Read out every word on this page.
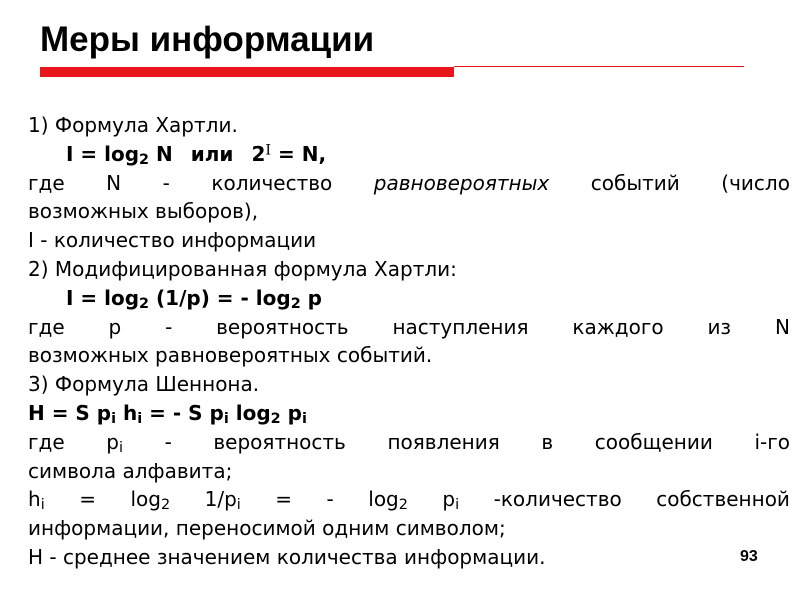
Меры информации
1) Формула Хартли.
$I = \log_2 N$ или $2^I = N$,
где N - количество равновероятных событий (число
возможных выборов),
I - количество информации
2) Модифицированная формула Хартли:
$I = \log_2 (1/p)$ = - $\log_2 p$
где p - вероятность наступления каждого из N
возможных равновероятных событий.
3) Формула Шеннона.
H = S $p_i$ $h_i$ = - S $p_i$ $\log_2 p_i$
где $p_i$ - вероятность появления в сообщении i-го
символа алфавита;
$h_i = \log_2 1/p_i$ = - $\log_2 p_i$ -количество собственной
информации, переносимой одним символом;
H - среднее значением количества информации.	93
